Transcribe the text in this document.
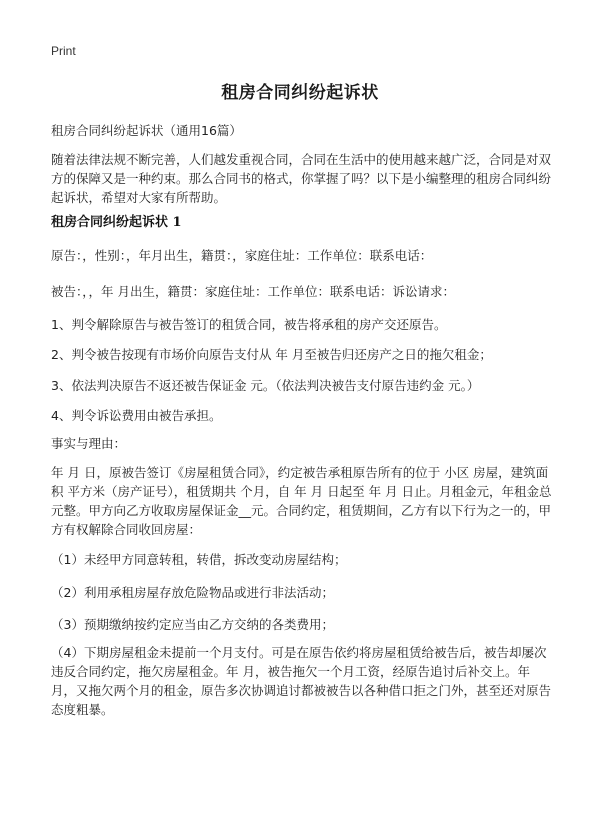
Print
租房合同纠纷起诉状
租房合同纠纷起诉状（通用16篇）
随着法律法规不断完善，人们越发重视合同，合同在生活中的使用越来越广泛，合同是对双方的保障又是一种约束。那么合同书的格式，你掌握了吗？以下是小编整理的租房合同纠纷起诉状，希望对大家有所帮助。
租房合同纠纷起诉状 1
原告：，性别：，年月出生，籍贯：，家庭住址：工作单位：联系电话：
被告：，，年 月出生，籍贯：家庭住址：工作单位：联系电话：诉讼请求：
1、判令解除原告与被告签订的租赁合同，被告将承租的房产交还原告。
2、判令被告按现有市场价向原告支付从 年 月至被告归还房产之日的拖欠租金；
3、依法判决原告不返还被告保证金 元。（依法判决被告支付原告违约金 元。）
4、判令诉讼费用由被告承担。
事实与理由：
年 月 日，原被告签订《房屋租赁合同》，约定被告承租原告所有的位于 小区 房屋，建筑面积 平方米（房产证号），租赁期共 个月，自 年 月 日起至 年 月 日止。月租金元，年租金总 元整。甲方向乙方收取房屋保证金__元。合同约定，租赁期间，乙方有以下行为之一的，甲方有权解除合同收回房屋：
（1）未经甲方同意转租，转借，拆改变动房屋结构；
（2）利用承租房屋存放危险物品或进行非法活动；
（3）预期缴纳按约定应当由乙方交纳的各类费用；
（4）下期房屋租金未提前一个月支付。可是在原告依约将房屋租赁给被告后，被告却屡次违反合同约定，拖欠房屋租金。年 月，被告拖欠一个月工资，经原告追讨后补交上。年 月，又拖欠两个月的租金，原告多次协调追讨都被被告以各种借口拒之门外，甚至还对原告态度粗暴。
